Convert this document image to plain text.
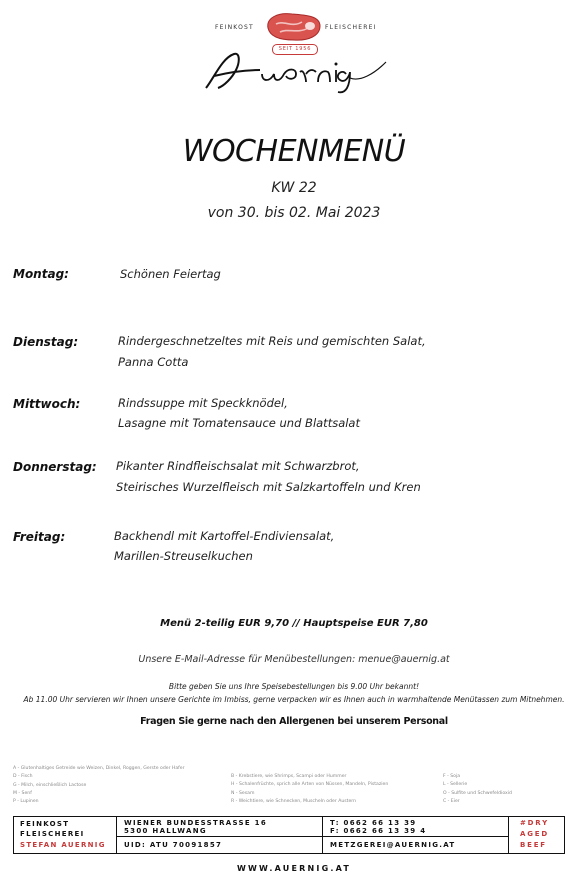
FEINKOST	FLEISCHEREI
SEIT 1956
WOCHENMENÜ
KW 22
von 30. bis 02. Mai 2023
Montag:	Schönen Feiertag
Dienstag:	Rindergeschnetzeltes mit Reis und gemischten Salat,
Panna Cotta
Mittwoch:	Rindssuppe mit Speckknödel,
Lasagne mit Tomatensauce und Blattsalat
Donnerstag: Pikanter Rindfleischsalat mit Schwarzbrot,
Steirisches Wurzelfleisch mit Salzkartoffeln und Kren
Freitag:	Backhendl mit Kartoffel-Endiviensalat,
Marillen-Streuselkuchen
Menü 2-teilig EUR 9,70 // Hauptspeise EUR 7,80
Unsere E-Mail-Adresse für Menübestellungen: menue@auernig.at
Bitte geben Sie uns Ihre Speisebestellungen bis 9.00 Uhr bekannt!
Ab 11.00 Uhr servieren wir Ihnen unsere Gerichte im Imbiss, gerne verpacken wir es Ihnen auch in warmhaltende Menütassen zum Mitnehmen.
Fragen Sie gerne nach den Allergenen bei unserem Personal
A - Glutenhaltiges Getreide wie Weizen, Dinkel, Roggen, Gerste oder Hafer
D - Fisch
G - Milch, einschließlich Lactose
M - Senf
P - Lupinen
B - Krebstiere, wie Shrimps, Scampi oder Hummer
H - Schalenfrüchte, sprich alle Arten von Nüssen, Mandeln, Pistazien
N - Sesam
R - Weichtiere, wie Schnecken, Muscheln oder Austern
F - Soja
L - Sellerie
O - Sulfite und Schwefeldioxid
C - Eier
FEINKOST
FLEISCHEREI
STEFAN AUERNIG
WIENER BUNDESSTRASSE 16
5300 HALLWANG
UID: ATU 70091857
T: 0662 66 13 39
F: 0662 66 13 39 4
METZGEREI@AUERNIG.AT
#DRY
AGED
BEEF
WWW.AUERNIG.AT
